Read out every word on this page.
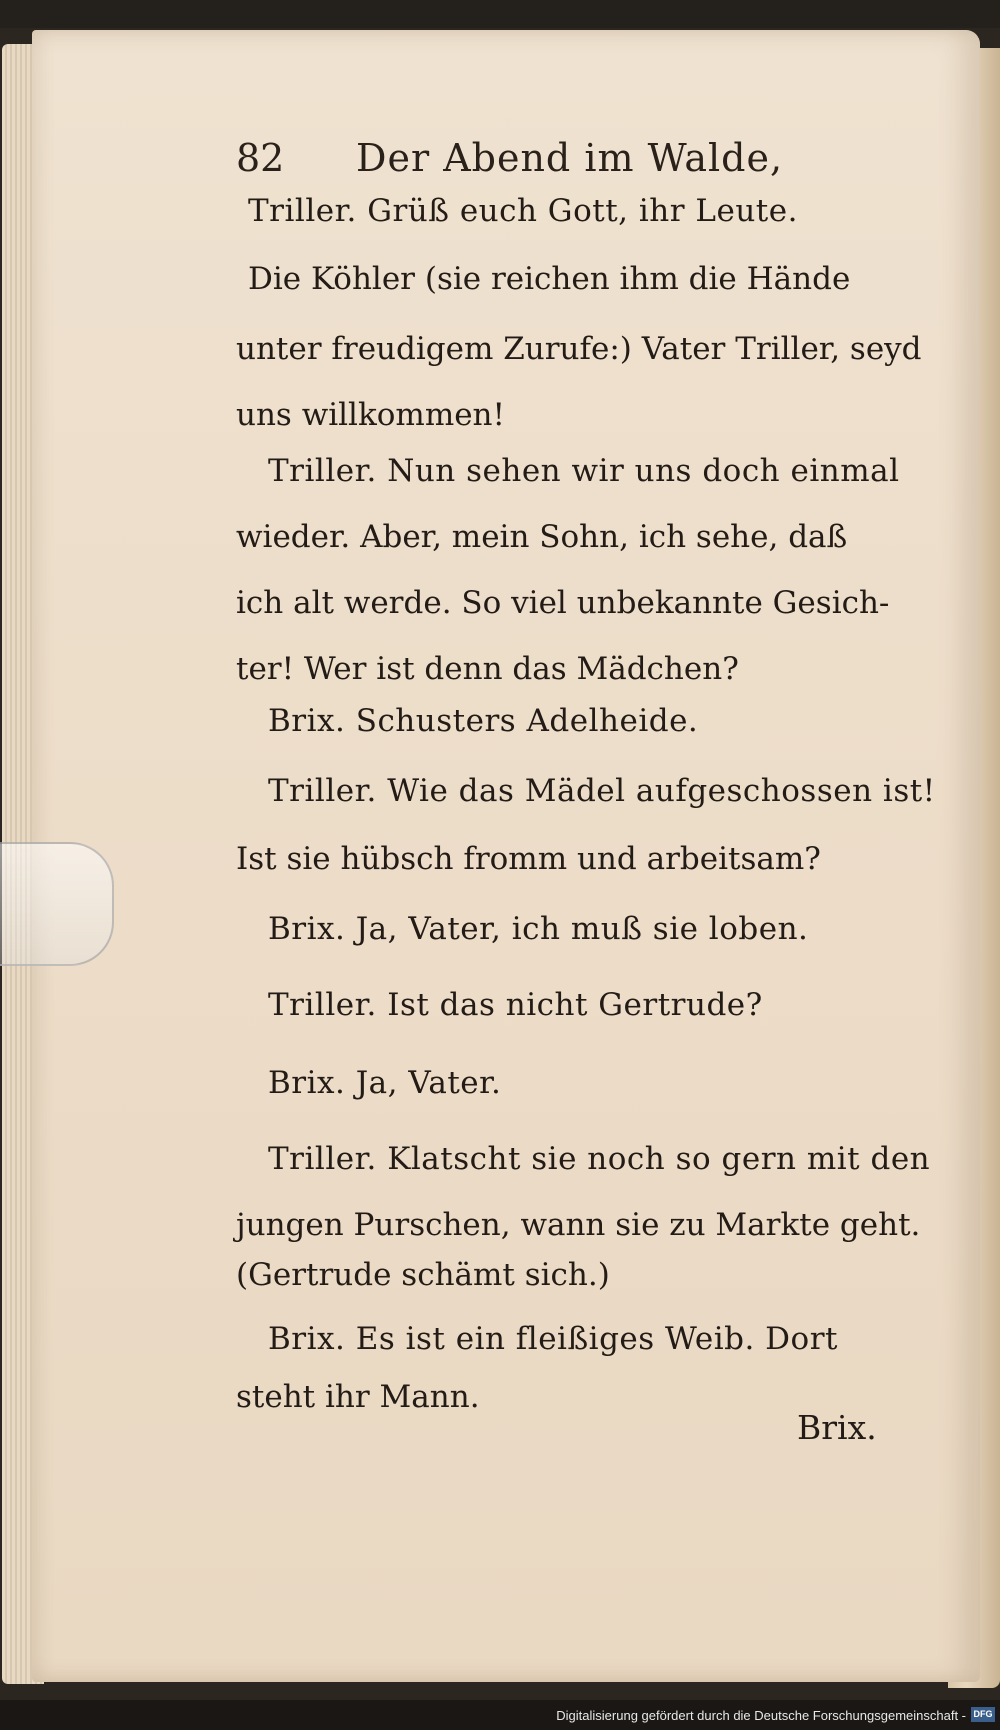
82 Der Abend im Walde,
Triller. Grüß euch Gott, ihr Leute.
Die Köhler (sie reichen ihm die Hände
unter freudigem Zurufe:) Vater Triller, seyd
uns willkommen!
Triller. Nun sehen wir uns doch einmal
wieder. Aber, mein Sohn, ich sehe, daß
ich alt werde. So viel unbekannte Gesich-
ter! Wer ist denn das Mädchen?
Brix. Schusters Adelheide.
Triller. Wie das Mädel aufgeschossen ist!
Ist sie hübsch fromm und arbeitsam?
Brix. Ja, Vater, ich muß sie loben.
Triller. Ist das nicht Gertrude?
Brix. Ja, Vater.
Triller. Klatscht sie noch so gern mit den
jungen Purschen, wann sie zu Markte geht.
(Gertrude schämt sich.)
Brix. Es ist ein fleißiges Weib. Dort
steht ihr Mann.
Brix.
Digitalisierung gefördert durch die Deutsche Forschungsgemeinschaft - DFG
